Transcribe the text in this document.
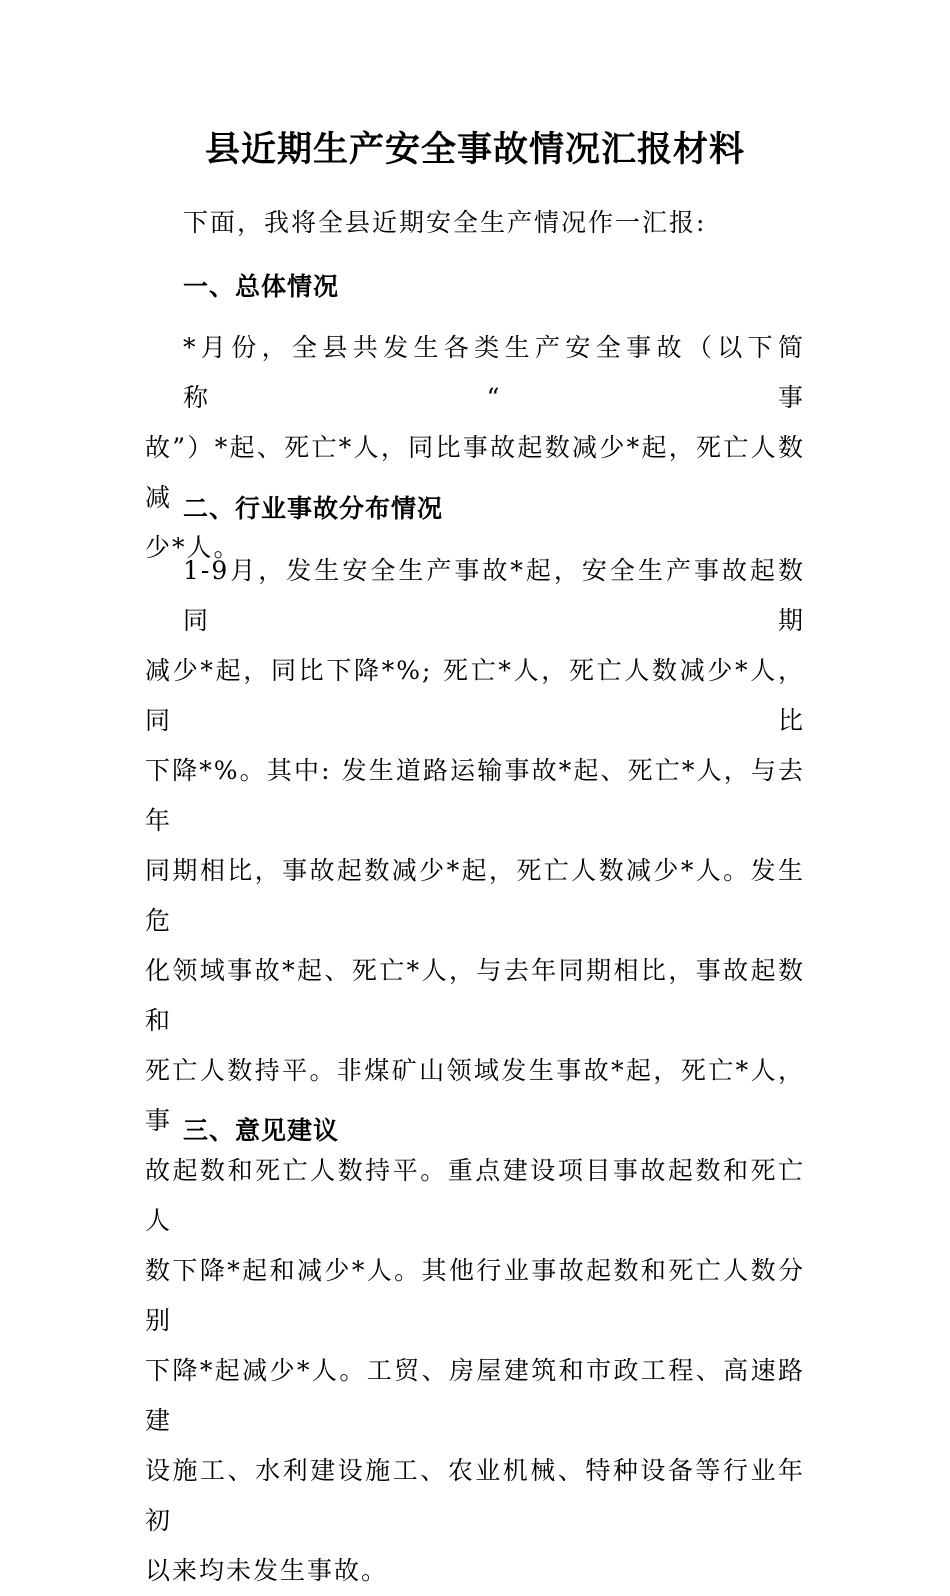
县近期生产安全事故情况汇报材料

下面，我将全县近期安全生产情况作一汇报:

一、总体情况

*月份，全县共发生各类生产安全事故（以下简称“事
故”）*起、死亡*人，同比事故起数减少*起，死亡人数减
少*人。

二、行业事故分布情况

1-9月，发生安全生产事故*起，安全生产事故起数同期
减少*起，同比下降*%; 死亡*人，死亡人数减少*人，同比
下降*%。其中: 发生道路运输事故*起、死亡*人，与去年
同期相比，事故起数减少*起，死亡人数减少*人。发生危
化领域事故*起、死亡*人，与去年同期相比，事故起数和
死亡人数持平。非煤矿山领域发生事故*起，死亡*人，事
故起数和死亡人数持平。重点建设项目事故起数和死亡人
数下降*起和减少*人。其他行业事故起数和死亡人数分别
下降*起减少*人。工贸、房屋建筑和市政工程、高速路建
设施工、水利建设施工、农业机械、特种设备等行业年初
以来均未发生事故。

三、意见建议
